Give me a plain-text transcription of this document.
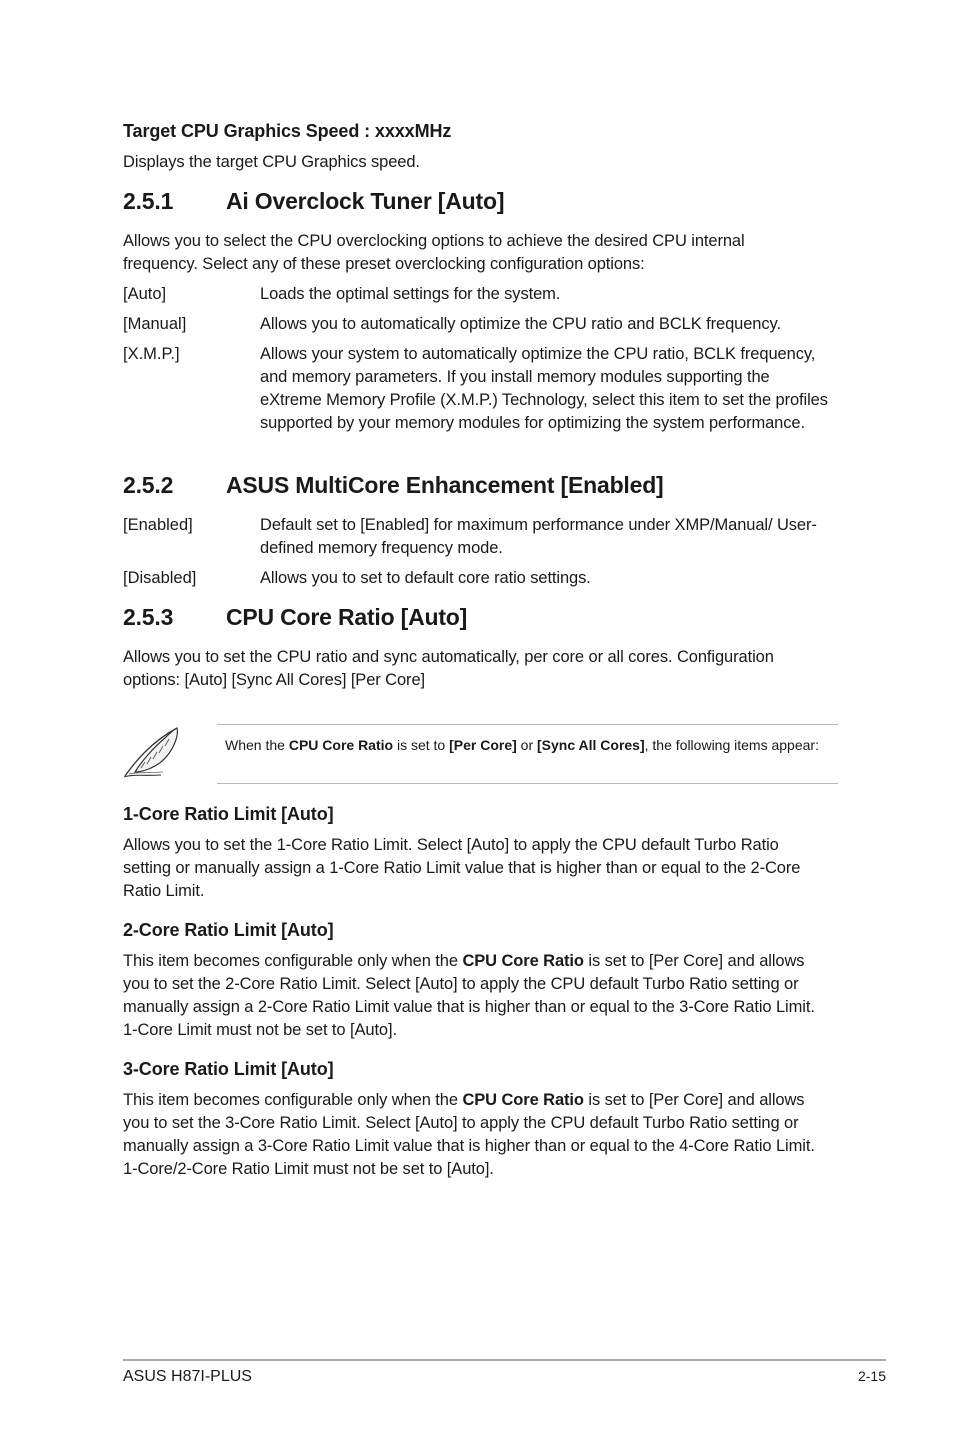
Target CPU Graphics Speed : xxxxMHz
Displays the target CPU Graphics speed.
2.5.1 Ai Overclock Tuner [Auto]
Allows you to select the CPU overclocking options to achieve the desired CPU internal frequency. Select any of these preset overclocking configuration options:
[Auto]	Loads the optimal settings for the system.
[Manual]	Allows you to automatically optimize the CPU ratio and BCLK frequency.
[X.M.P.]	Allows your system to automatically optimize the CPU ratio, BCLK frequency, and memory parameters. If you install memory modules supporting the eXtreme Memory Profile (X.M.P.) Technology, select this item to set the profiles supported by your memory modules for optimizing the system performance.
2.5.2 ASUS MultiCore Enhancement [Enabled]
[Enabled]	Default set to [Enabled] for maximum performance under XMP/Manual/ User-defined memory frequency mode.
[Disabled]	Allows you to set to default core ratio settings.
2.5.3 CPU Core Ratio [Auto]
Allows you to set the CPU ratio and sync automatically, per core or all cores. Configuration options: [Auto] [Sync All Cores] [Per Core]
When the CPU Core Ratio is set to [Per Core] or [Sync All Cores], the following items appear:
1-Core Ratio Limit [Auto]
Allows you to set the 1-Core Ratio Limit. Select [Auto] to apply the CPU default Turbo Ratio setting or manually assign a 1-Core Ratio Limit value that is higher than or equal to the 2-Core Ratio Limit.
2-Core Ratio Limit [Auto]
This item becomes configurable only when the CPU Core Ratio is set to [Per Core] and allows you to set the 2-Core Ratio Limit. Select [Auto] to apply the CPU default Turbo Ratio setting or manually assign a 2-Core Ratio Limit value that is higher than or equal to the 3-Core Ratio Limit. 1-Core Limit must not be set to [Auto].
3-Core Ratio Limit [Auto]
This item becomes configurable only when the CPU Core Ratio is set to [Per Core] and allows you to set the 3-Core Ratio Limit. Select [Auto] to apply the CPU default Turbo Ratio setting or manually assign a 3-Core Ratio Limit value that is higher than or equal to the 4-Core Ratio Limit. 1-Core/2-Core Ratio Limit must not be set to [Auto].
ASUS H87I-PLUS	2-15
